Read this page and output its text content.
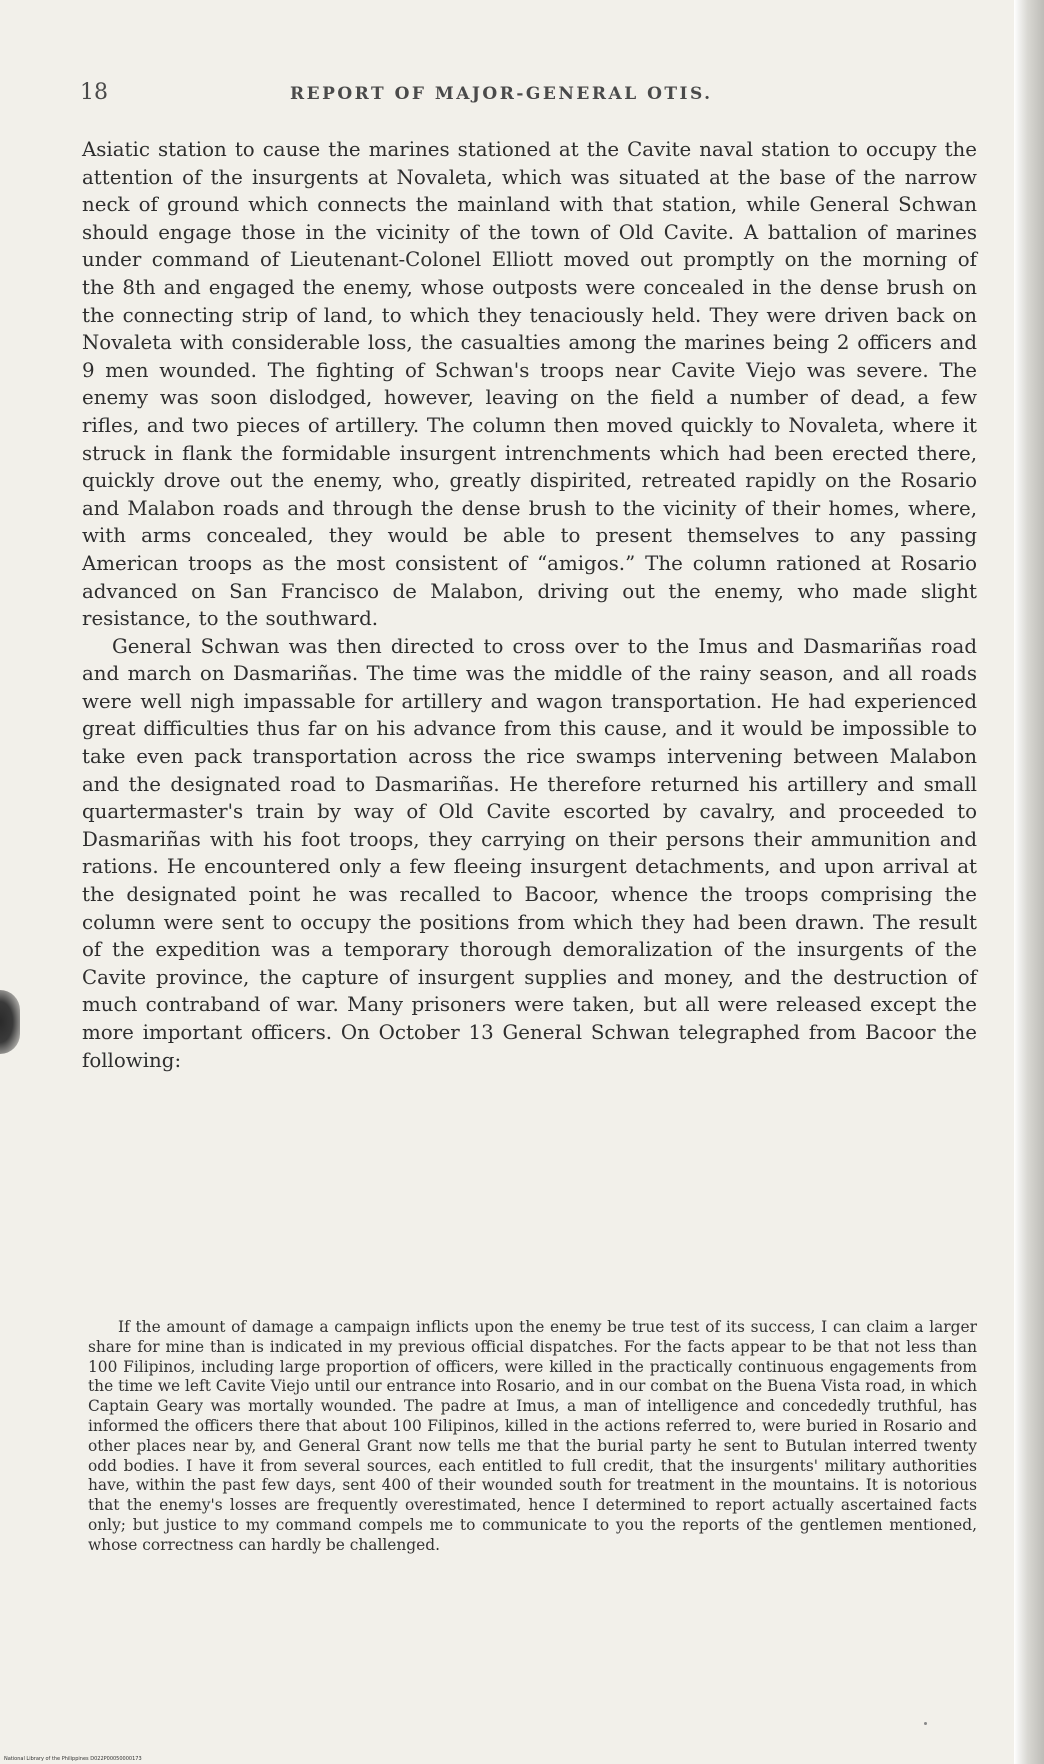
18	REPORT OF MAJOR-GENERAL OTIS.

Asiatic station to cause the marines stationed at the Cavite naval station to occupy the attention of the insurgents at Novaleta, which was situated at the base of the narrow neck of ground which connects the mainland with that station, while General Schwan should engage those in the vicinity of the town of Old Cavite. A battalion of marines under command of Lieutenant-Colonel Elliott moved out promptly on the morning of the 8th and engaged the enemy, whose outposts were concealed in the dense brush on the connecting strip of land, to which they tenaciously held. They were driven back on Novaleta with considerable loss, the casualties among the marines being 2 officers and 9 men wounded. The fighting of Schwan's troops near Cavite Viejo was severe. The enemy was soon dislodged, however, leaving on the field a number of dead, a few rifles, and two pieces of artillery. The column then moved quickly to Novaleta, where it struck in flank the formidable insurgent intrenchments which had been erected there, quickly drove out the enemy, who, greatly dispirited, retreated rapidly on the Rosario and Malabon roads and through the dense brush to the vicinity of their homes, where, with arms concealed, they would be able to present themselves to any passing American troops as the most consistent of “amigos.” The column rationed at Rosario advanced on San Francisco de Malabon, driving out the enemy, who made slight resistance, to the southward.

General Schwan was then directed to cross over to the Imus and Dasmariñas road and march on Dasmariñas. The time was the middle of the rainy season, and all roads were well nigh impassable for artillery and wagon transportation. He had experienced great difficulties thus far on his advance from this cause, and it would be impossible to take even pack transportation across the rice swamps intervening between Malabon and the designated road to Dasmariñas. He therefore returned his artillery and small quartermaster's train by way of Old Cavite escorted by cavalry, and proceeded to Dasmariñas with his foot troops, they carrying on their persons their ammunition and rations. He encountered only a few fleeing insurgent detachments, and upon arrival at the designated point he was recalled to Bacoor, whence the troops comprising the column were sent to occupy the positions from which they had been drawn. The result of the expedition was a temporary thorough demoralization of the insurgents of the Cavite province, the capture of insurgent supplies and money, and the destruction of much contraband of war. Many prisoners were taken, but all were released except the more important officers. On October 13 General Schwan telegraphed from Bacoor the following:

If the amount of damage a campaign inflicts upon the enemy be true test of its success, I can claim a larger share for mine than is indicated in my previous official dispatches. For the facts appear to be that not less than 100 Filipinos, including large proportion of officers, were killed in the practically continuous engagements from the time we left Cavite Viejo until our entrance into Rosario, and in our combat on the Buena Vista road, in which Captain Geary was mortally wounded. The padre at Imus, a man of intelligence and concededly truthful, has informed the officers there that about 100 Filipinos, killed in the actions referred to, were buried in Rosario and other places near by, and General Grant now tells me that the burial party he sent to Butulan interred twenty odd bodies. I have it from several sources, each entitled to full credit, that the insurgents' military authorities have, within the past few days, sent 400 of their wounded south for treatment in the mountains. It is notorious that the enemy's losses are frequently overestimated, hence I determined to report actually ascertained facts only; but justice to my command compels me to communicate to you the reports of the gentlemen mentioned, whose correctness can hardly be challenged.
National Library of the Philippines D022P00050000173
